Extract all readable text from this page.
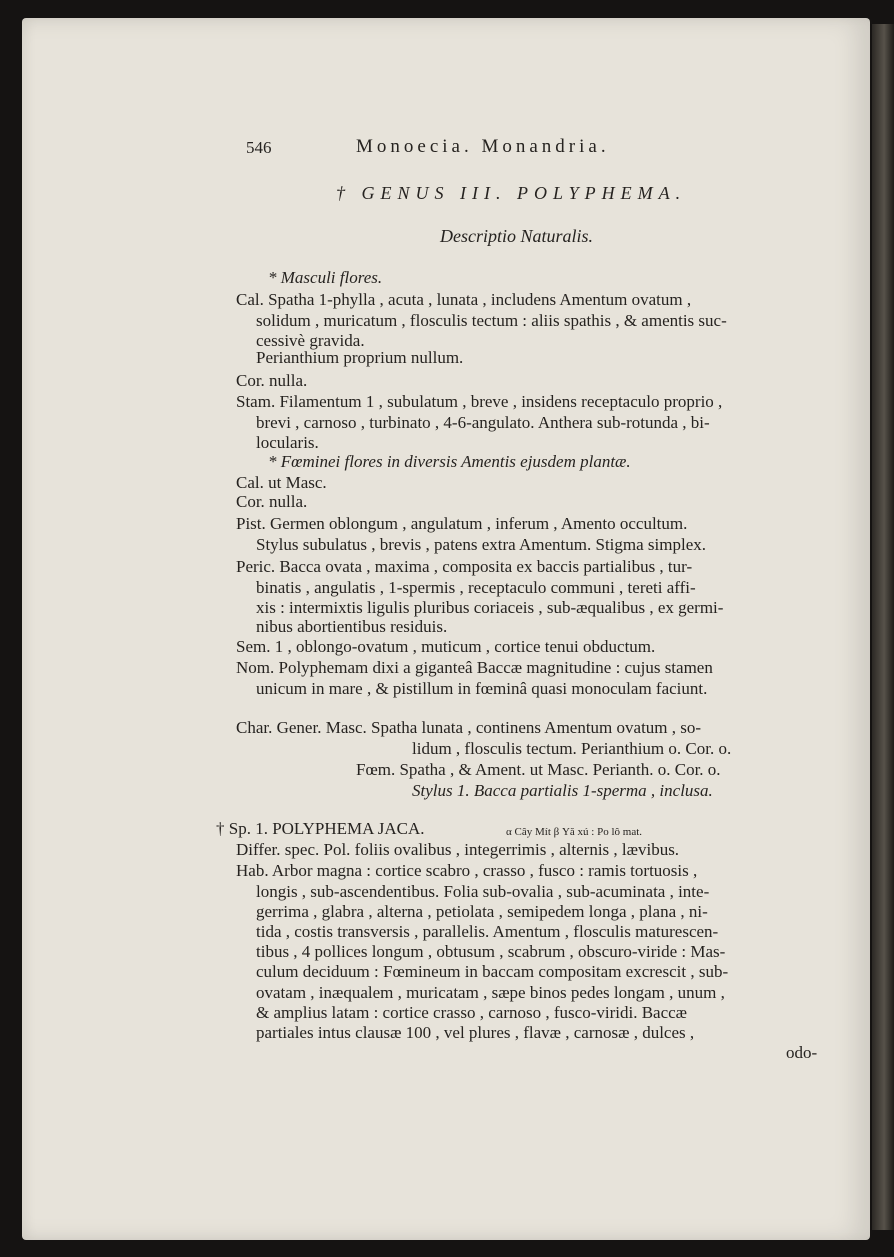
546	Monoecia. Monandria.
† GENUS III. POLYPHEMA.
Descriptio Naturalis.
* Masculi flores.
Cal. Spatha 1-phylla , acuta , lunata , includens Amentum ovatum ,
solidum , muricatum , flosculis tectum : aliis spathis , & amentis suc-
cessivè gravida.
Perianthium proprium nullum.
Cor. nulla.
Stam. Filamentum 1 , subulatum , breve , insidens receptaculo proprio ,
brevi , carnoso , turbinato , 4-6-angulato. Anthera sub-rotunda , bi-
locularis.
* Fœminei flores in diversis Amentis ejusdem plantæ.
Cal. ut Masc.
Cor. nulla.
Pist. Germen oblongum , angulatum , inferum , Amento occultum.
Stylus subulatus , brevis , patens extra Amentum. Stigma simplex.
Peric. Bacca ovata , maxima , composita ex baccis partialibus , tur-
binatis , angulatis , 1-spermis , receptaculo communi , tereti affi-
xis : intermixtis ligulis pluribus coriaceis , sub-æqualibus , ex germi-
nibus abortientibus residuis.
Sem. 1 , oblongo-ovatum , muticum , cortice tenui obductum.
Nom. Polyphemam dixi a giganteâ Baccæ magnitudine : cujus stamen
unicum in mare , & pistillum in fœminâ quasi monoculam faciunt.
Char. Gener. Masc. Spatha lunata , continens Amentum ovatum , so-
lidum , flosculis tectum. Perianthium o. Cor. o.
Fœm. Spatha , & Ament. ut Masc. Perianth. o. Cor. o.
Stylus 1. Bacca partialis 1-sperma , inclusa.
† Sp. 1. POLYPHEMA JACA.	α Cây Mít β Yă xú : Po lô mat.
Differ. spec. Pol. foliis ovalibus , integerrimis , alternis , lævibus.
Hab. Arbor magna : cortice scabro , crasso , fusco : ramis tortuosis ,
longis , sub-ascendentibus. Folia sub-ovalia , sub-acuminata , inte-
gerrima , glabra , alterna , petiolata , semipedem longa , plana , ni-
tida , costis transversis , parallelis. Amentum , flosculis maturescen-
tibus , 4 pollices longum , obtusum , scabrum , obscuro-viride : Mas-
culum deciduum : Fœmineum in baccam compositam excrescit , sub-
ovatam , inæqualem , muricatam , sæpe binos pedes longam , unum ,
& amplius latam : cortice crasso , carnoso , fusco-viridi. Baccæ
partiales intus clausæ 100 , vel plures , flavæ , carnosæ , dulces ,
odo-
